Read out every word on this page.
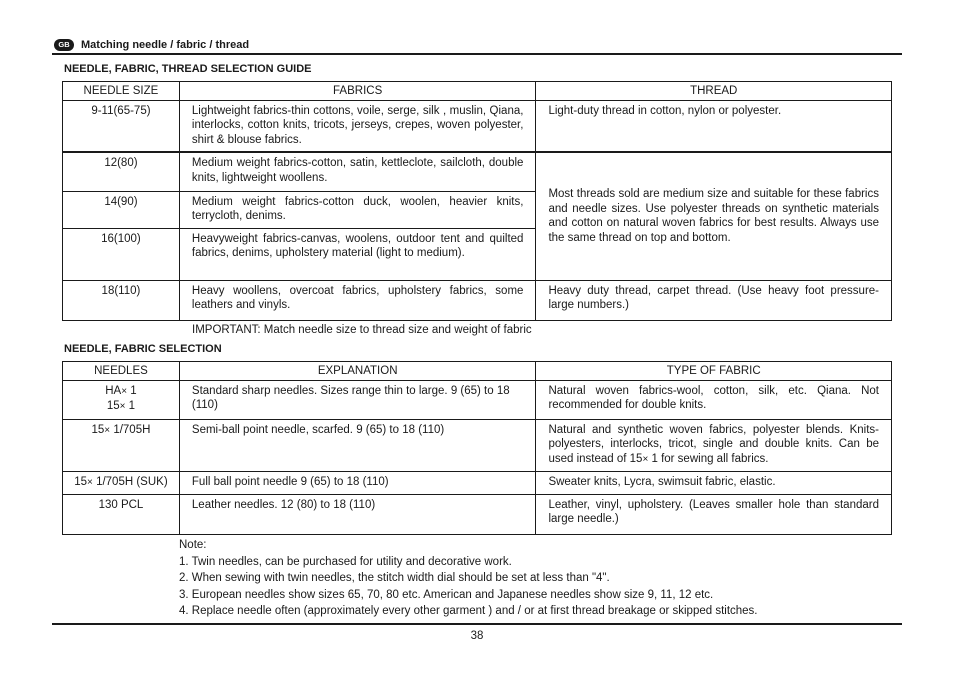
GB	Matching needle / fabric / thread
NEEDLE, FABRIC, THREAD SELECTION GUIDE
NEEDLE SIZE	FABRICS	THREAD
9-11(65-75)	Lightweight fabrics-thin cottons, voile, serge, silk , muslin, Qiana, interlocks, cotton knits, tricots, jerseys, crepes, woven polyester, shirt & blouse fabrics.	Light-duty thread in cotton, nylon or polyester.
12(80)	Medium weight fabrics-cotton, satin, kettleclote, sailcloth, double knits, lightweight woollens.	Most threads sold are medium size and suitable for these fabrics and needle sizes. Use polyester threads on synthetic materials and cotton on natural woven fabrics for best results. Always use the same thread on top and bottom.
14(90)	Medium weight fabrics-cotton duck, woolen, heavier knits, terrycloth, denims.	
16(100)	Heavyweight fabrics-canvas, woolens, outdoor tent and quilted fabrics, denims, upholstery material (light to medium).	
18(110)	Heavy woollens, overcoat fabrics, upholstery fabrics, some leathers and vinyls.	Heavy duty thread, carpet thread. (Use heavy foot pressure-large numbers.)
IMPORTANT: Match needle size to thread size and weight of fabric
NEEDLE, FABRIC SELECTION
NEEDLES	EXPLANATION	TYPE OF FABRIC
HA× 1
15× 1	Standard sharp needles. Sizes range thin to large. 9 (65) to 18 (110)	Natural woven fabrics-wool, cotton, silk, etc. Qiana. Not recommended for double knits.
15× 1/705H	Semi-ball point needle, scarfed. 9 (65) to 18 (110)	Natural and synthetic woven fabrics, polyester blends. Knits-polyesters, interlocks, tricot, single and double knits. Can be used instead of 15× 1 for sewing all fabrics.
15× 1/705H (SUK)	Full ball point needle 9 (65) to 18 (110)	Sweater knits, Lycra, swimsuit fabric, elastic.
130 PCL	Leather needles. 12 (80) to 18 (110)	Leather, vinyl, upholstery. (Leaves smaller hole than standard large needle.)
Note:
1. Twin needles, can be purchased for utility and decorative work.
2. When sewing with twin needles, the stitch width dial should be set at less than "4".
3. European needles show sizes 65, 70, 80 etc. American and Japanese needles show size 9, 11, 12 etc.
4. Replace needle often (approximately every other garment ) and / or at first thread breakage or skipped stitches.
38
